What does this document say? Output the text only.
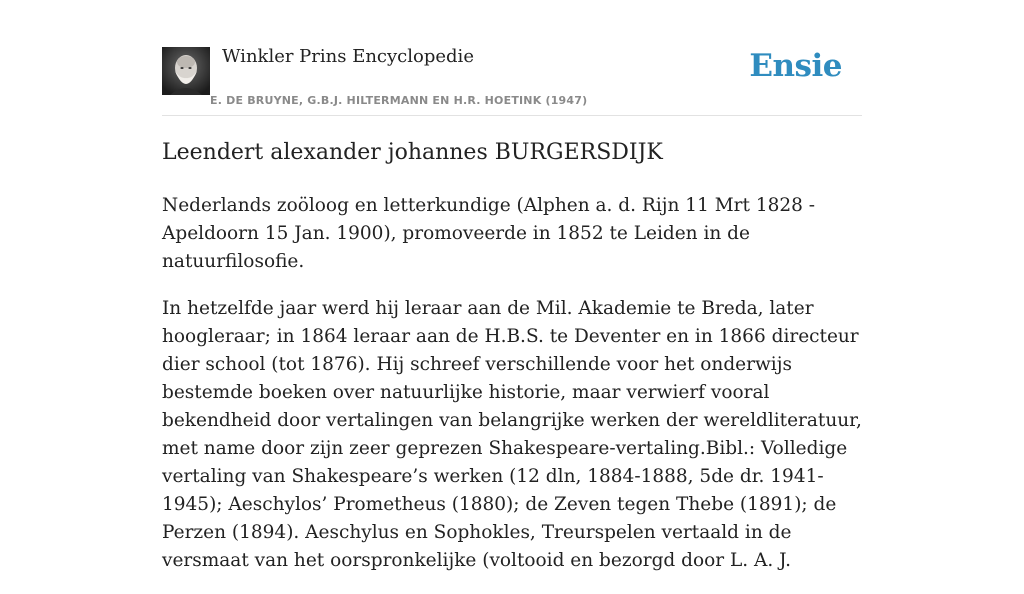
Winkler Prins Encyclopedie
E. DE BRUYNE, G.B.J. HILTERMANN EN H.R. HOETINK (1947)
Ensie
Leendert alexander johannes BURGERSDIJK

Nederlands zoöloog en letterkundige (Alphen a. d. Rijn 11 Mrt 1828 -Apeldoorn 15 Jan. 1900), promoveerde in 1852 te Leiden in de natuurfilosofie.

In hetzelfde jaar werd hij leraar aan de Mil. Akademie te Breda, later hoogleraar; in 1864 leraar aan de H.B.S. te Deventer en in 1866 directeur dier school (tot 1876). Hij schreef verschillende voor het onderwijs bestemde boeken over natuurlijke historie, maar verwierf vooral bekendheid door vertalingen van belangrijke werken der wereldliteratuur, met name door zijn zeer geprezen Shakespeare-vertaling.Bibl.: Volledige vertaling van Shakespeare’s werken (12 dln, 1884-1888, 5de dr. 1941-1945); Aeschylos’ Prometheus (1880); de Zeven tegen Thebe (1891); de Perzen (1894). Aeschylus en Sophokles, Treurspelen vertaald in de versmaat van het oorspronkelijke (voltooid en bezorgd door L. A. J.
